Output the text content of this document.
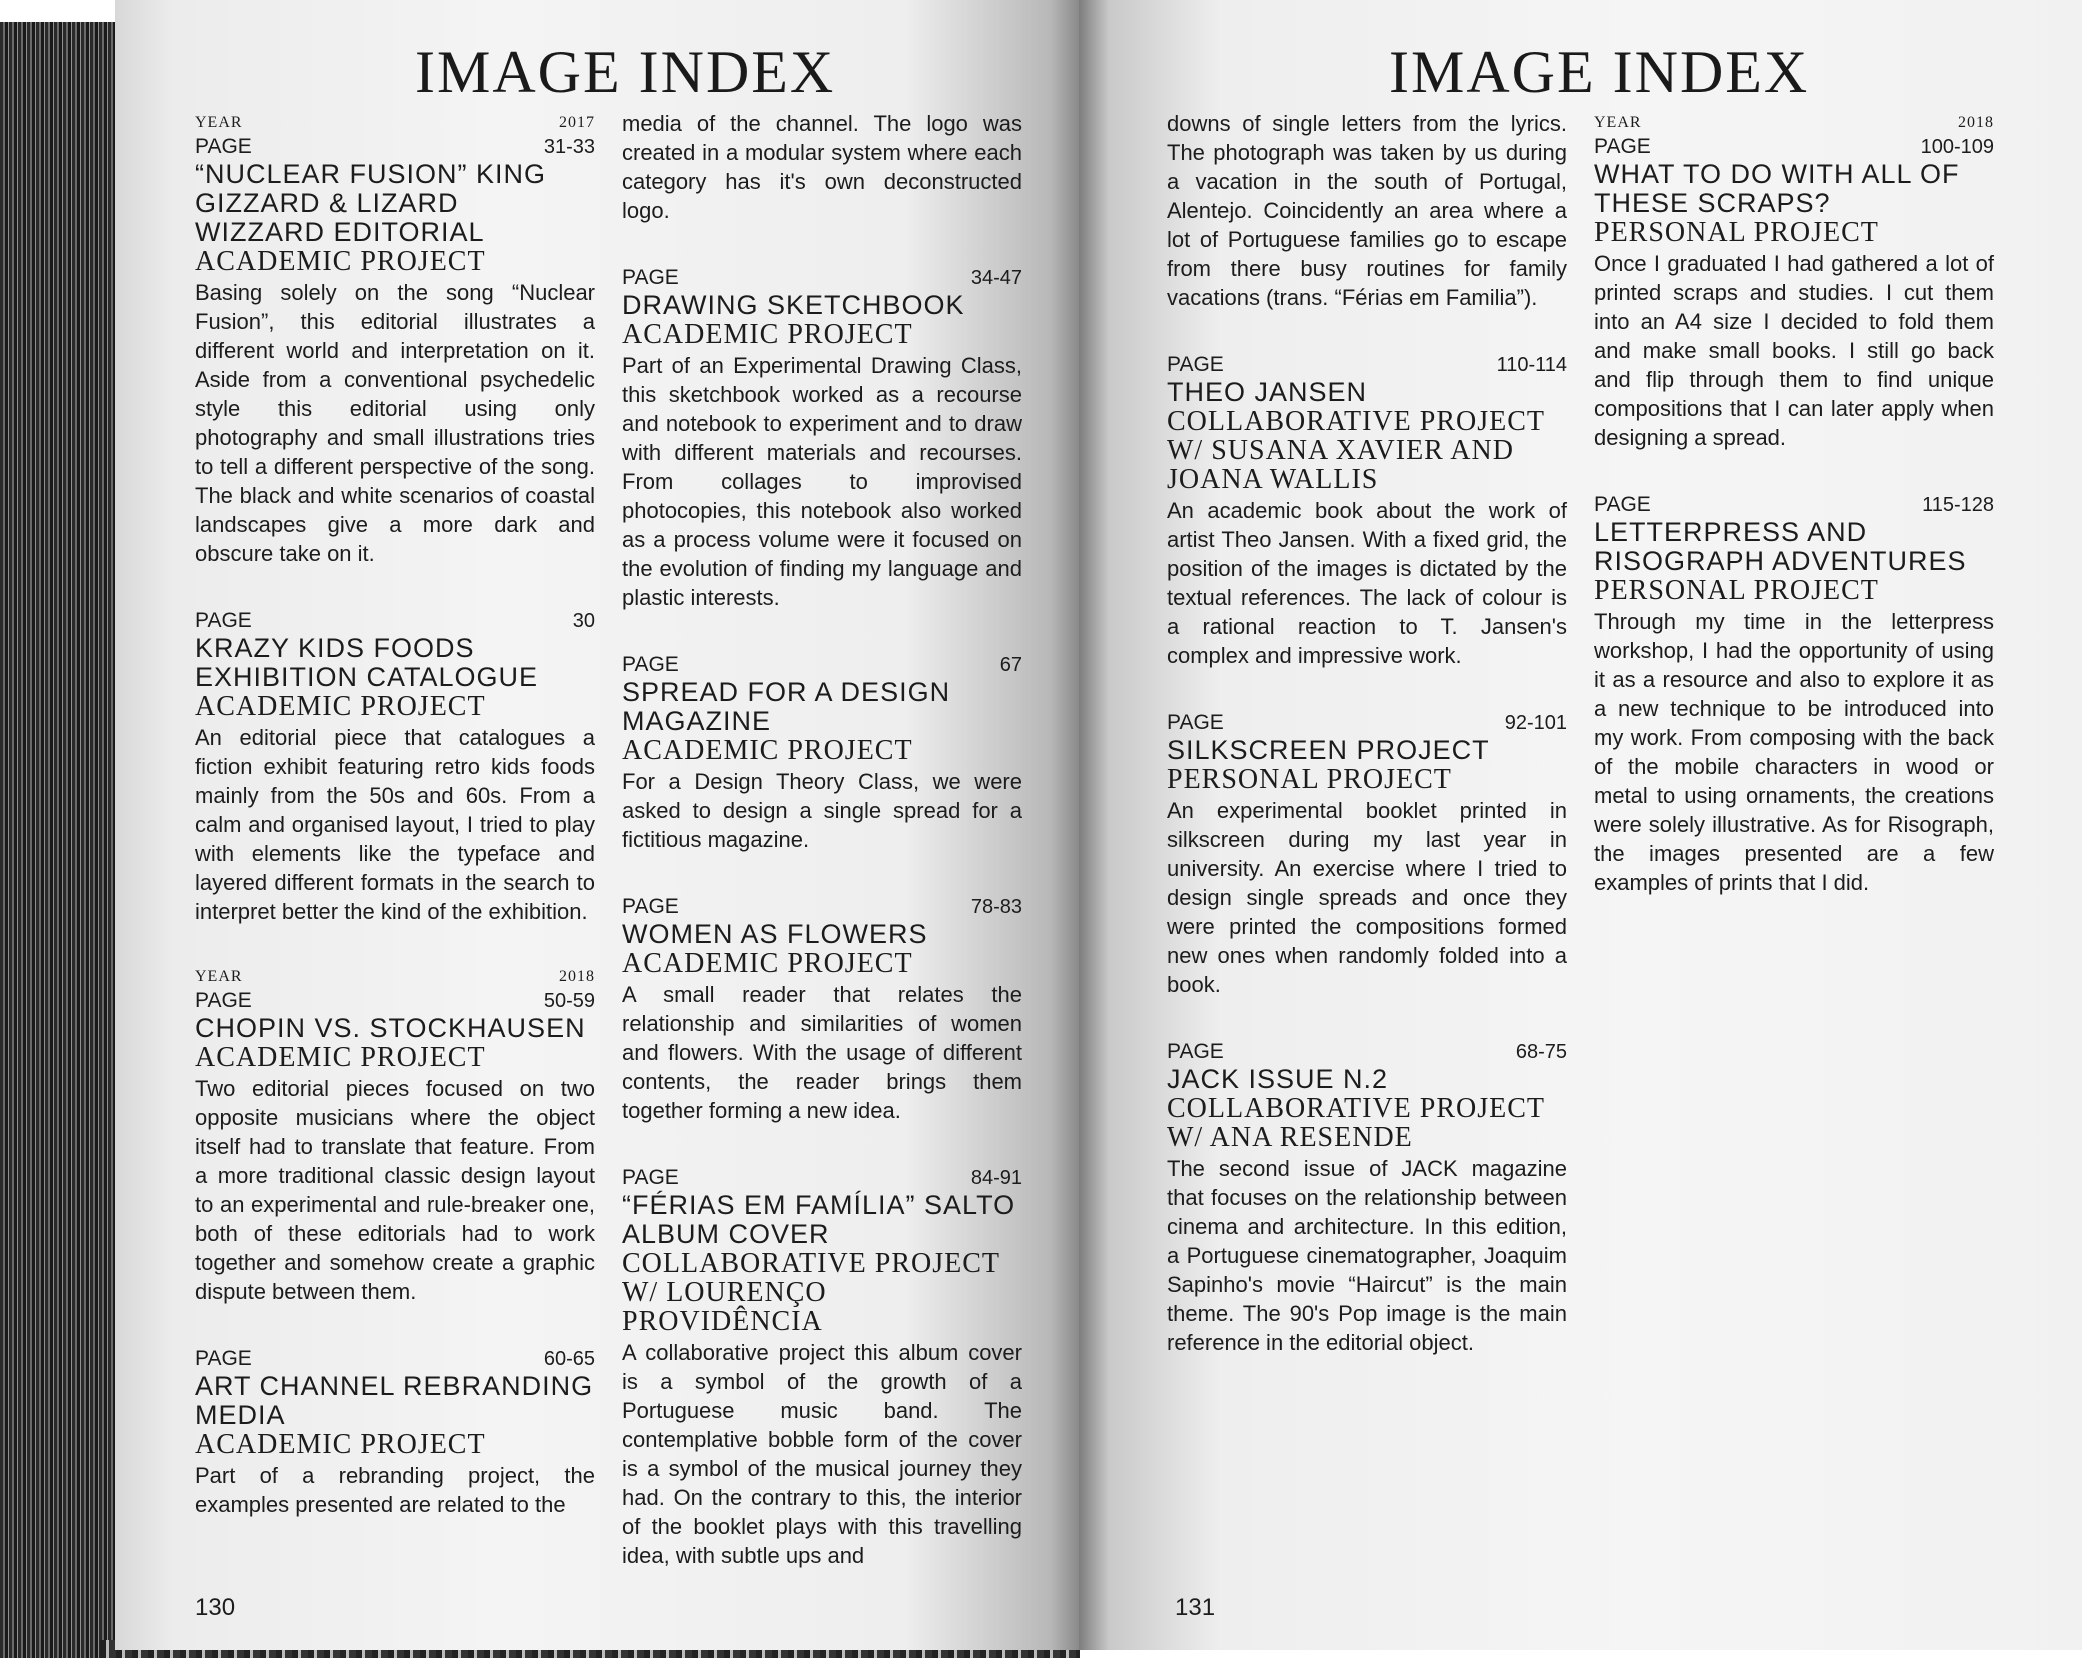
IMAGE INDEX
YEAR	2017
PAGE	31-33
“NUCLEAR FUSION” KING GIZZARD & LIZARD WIZZARD EDITORIAL
ACADEMIC PROJECT
Basing solely on the song “Nuclear Fusion”, this editorial illustrates a different world and interpretation on it. Aside from a conventional psychedelic style this editorial using only photography and small illustrations tries to tell a different perspective of the song. The black and white scenarios of coastal landscapes give a more dark and obscure take on it.
PAGE	30
KRAZY KIDS FOODS EXHIBITION CATALOGUE
ACADEMIC PROJECT
An editorial piece that catalogues a fiction exhibit featuring retro kids foods mainly from the 50s and 60s. From a calm and organised layout, I tried to play with elements like the typeface and layered different formats in the search to interpret better the kind of the exhibition.
YEAR	2018
PAGE	50-59
CHOPIN VS. STOCKHAUSEN
ACADEMIC PROJECT
Two editorial pieces focused on two opposite musicians where the object itself had to translate that feature. From a more traditional classic design layout to an experimental and rule-breaker one, both of these editorials had to work together and somehow create a graphic dispute between them.
PAGE	60-65
ART CHANNEL REBRANDING MEDIA
ACADEMIC PROJECT
Part of a rebranding project, the examples presented are related to the
media of the channel. The logo was created in a modular system where each category has it's own deconstructed logo.
PAGE	34-47
DRAWING SKETCHBOOK
ACADEMIC PROJECT
Part of an Experimental Drawing Class, this sketchbook worked as a recourse and notebook to experiment and to draw with different materials and recourses. From collages to improvised photocopies, this notebook also worked as a process volume were it focused on the evolution of finding my language and plastic interests.
PAGE	67
SPREAD FOR A DESIGN MAGAZINE
ACADEMIC PROJECT
For a Design Theory Class, we were asked to design a single spread for a fictitious magazine.
PAGE	78-83
WOMEN AS FLOWERS
ACADEMIC PROJECT
A small reader that relates the relationship and similarities of women and flowers. With the usage of different contents, the reader brings them together forming a new idea.
PAGE	84-91
“FÉRIAS EM FAMÍLIA” SALTO ALBUM COVER
COLLABORATIVE PROJECT W/ LOURENÇO PROVIDÊNCIA
A collaborative project this album cover is a symbol of the growth of a Portuguese music band. The contemplative bobble form of the cover is a symbol of the musical journey they had. On the contrary to this, the interior of the booklet plays with this travelling idea, with subtle ups and
130
IMAGE INDEX
downs of single letters from the lyrics. The photograph was taken by us during a vacation in the south of Portugal, Alentejo. Coincidently an area where a lot of Portuguese families go to escape from there busy routines for family vacations (trans. “Férias em Familia”).
PAGE	110-114
THEO JANSEN
COLLABORATIVE PROJECT W/ SUSANA XAVIER AND JOANA WALLIS
An academic book about the work of artist Theo Jansen. With a fixed grid, the position of the images is dictated by the textual references. The lack of colour is a rational reaction to T. Jansen's complex and impressive work.
PAGE	92-101
SILKSCREEN PROJECT
PERSONAL PROJECT
An experimental booklet printed in silkscreen during my last year in university. An exercise where I tried to design single spreads and once they were printed the compositions formed new ones when randomly folded into a book.
PAGE	68-75
JACK ISSUE N.2
COLLABORATIVE PROJECT W/ ANA RESENDE
The second issue of JACK magazine that focuses on the relationship between cinema and architecture. In this edition, a Portuguese cinematographer, Joaquim Sapinho's movie “Haircut” is the main theme. The 90's Pop image is the main reference in the editorial object.
YEAR	2018
PAGE	100-109
WHAT TO DO WITH ALL OF THESE SCRAPS?
PERSONAL PROJECT
Once I graduated I had gathered a lot of printed scraps and studies. I cut them into an A4 size I decided to fold them and make small books. I still go back and flip through them to find unique compositions that I can later apply when designing a spread.
PAGE	115-128
LETTERPRESS AND RISOGRAPH ADVENTURES
PERSONAL PROJECT
Through my time in the letterpress workshop, I had the opportunity of using it as a resource and also to explore it as a new technique to be introduced into my work. From composing with the back of the mobile characters in wood or metal to using ornaments, the creations were solely illustrative. As for Risograph, the images presented are a few examples of prints that I did.
131
